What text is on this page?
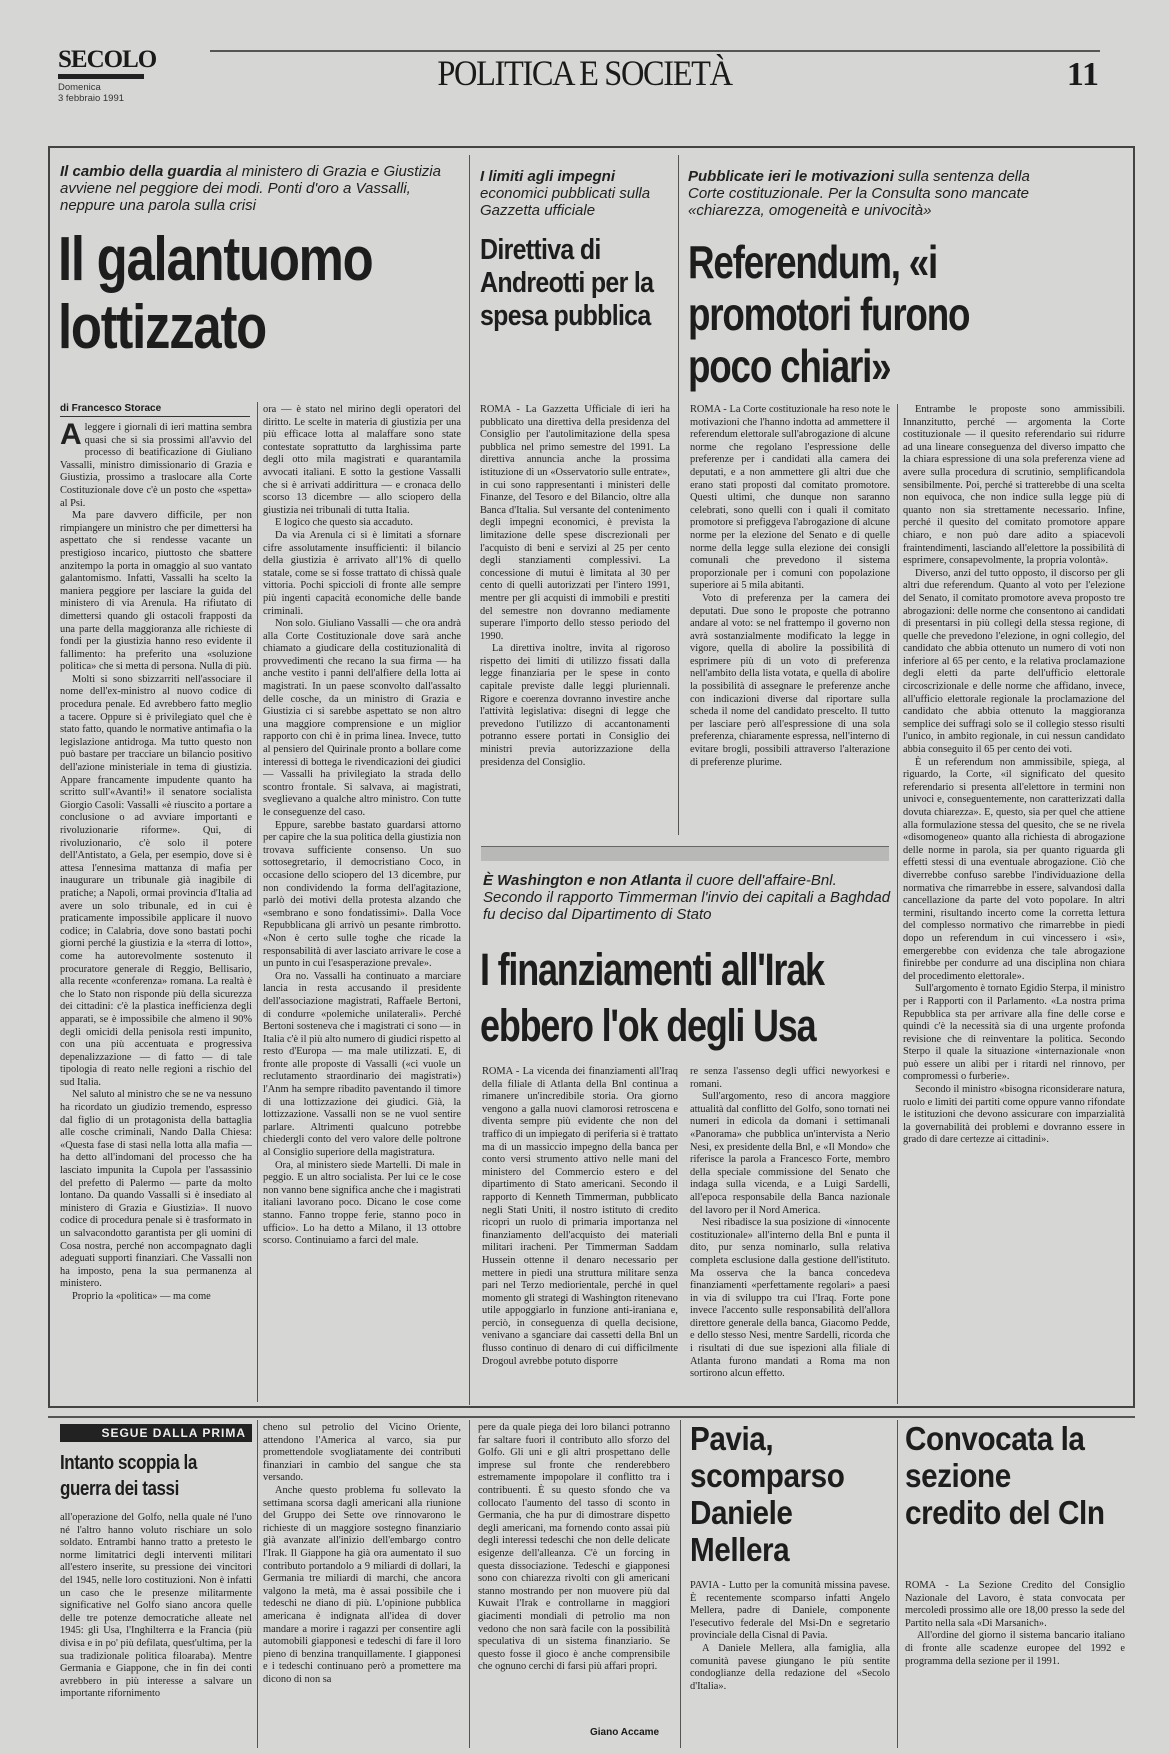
SECOLO
Domenica
3 febbraio 1991
POLITICA E SOCIETÀ	11
Il cambio della guardia al ministero di Grazia e Giustizia avviene nel peggiore dei modi. Ponti d'oro a Vassalli, neppure una parola sulla crisi
Il galantuomo lottizzato
di Francesco Storace
A leggere i giornali di ieri mattina sembra quasi che si sia prossimi all'avvio del processo di beatificazione di Giuliano Vassalli, ministro dimissionario di Grazia e Giustizia, prossimo a traslocare alla Corte Costituzionale dove c'è un posto che «spetta» al Psi.

Ma pare davvero difficile, per non rimpiangere un ministro che per dimettersi ha aspettato che si rendesse vacante un prestigioso incarico, piuttosto che sbattere anzitempo la porta in omaggio al suo vantato galantomismo. Infatti, Vassalli ha scelto la maniera peggiore per lasciare la guida del ministero di via Arenula. Ha rifiutato di dimettersi quando gli ostacoli frapposti da una parte della maggioranza alle richieste di fondi per la giustizia hanno reso evidente il fallimento: ha preferito una «soluzione politica» che si metta di persona. Nulla di più.

Molti si sono sbizzarriti nell'associare il nome dell'ex-ministro al nuovo codice di procedura penale. Ed avrebbero fatto meglio a tacere. Oppure si è privilegiato quel che è stato fatto, quando le normative antimafia o la legislazione antidroga. Ma tutto questo non può bastare per tracciare un bilancio positivo dell'azione ministeriale in tema di giustizia. Appare francamente impudente quanto ha scritto sull'«Avanti!» il senatore socialista Giorgio Casoli: Vassalli «è riuscito a portare a conclusione o ad avviare importanti e rivoluzionarie riforme». Qui, di rivoluzionario, c'è solo il potere dell'Antistato, a Gela, per esempio, dove si è attesa l'ennesima mattanza di mafia per inaugurare un tribunale già inagibile di pratiche; a Napoli, ormai provincia d'Italia ad avere un solo tribunale, ed in cui è praticamente impossibile applicare il nuovo codice; in Calabria, dove sono bastati pochi giorni perché la giustizia e la «terra di lotto», come ha autorevolmente sostenuto il procuratore generale di Reggio, Bellisario, alla recente «conferenza» romana. La realtà è che lo Stato non risponde più della sicurezza dei cittadini: c'è la plastica inefficienza degli apparati, se è impossibile che almeno il 90% degli omicidi della penisola resti impunito, con una più accentuata e progressiva depenalizzazione — di fatto — di tale tipologia di reato nelle regioni a rischio del sud Italia.

Nel saluto al ministro che se ne va nessuno ha ricordato un giudizio tremendo, espresso dal figlio di un protagonista della battaglia alle cosche criminali, Nando Dalla Chiesa: «Questa fase di stasi nella lotta alla mafia — ha detto all'indomani del processo che ha lasciato impunita la Cupola per l'assassinio del prefetto di Palermo — parte da molto lontano. Da quando Vassalli si è insediato al ministero di Grazia e Giustizia». Il nuovo codice di procedura penale si è trasformato in un salvacondotto garantista per gli uomini di Cosa nostra, perché non accompagnato dagli adeguati supporti finanziari. Che Vassalli non ha imposto, pena la sua permanenza al ministero.

Proprio la «politica» — ma come

ora — è stato nel mirino degli operatori del diritto. Le scelte in materia di giustizia per una più efficace lotta al malaffare sono state contestate soprattutto da larghissima parte degli otto mila magistrati e quarantamila avvocati italiani. E sotto la gestione Vassalli che si è arrivati addirittura — e cronaca dello scorso 13 dicembre — allo sciopero della giustizia nei tribunali di tutta Italia.

E logico che questo sia accaduto.

Da via Arenula ci si è limitati a sfornare cifre assolutamente insufficienti: il bilancio della giustizia è arrivato all'1% di quello statale, come se si fosse trattato di chissà quale vittoria. Pochi spiccioli di fronte alle sempre più ingenti capacità economiche delle bande criminali.

Non solo. Giuliano Vassalli — che ora andrà alla Corte Costituzionale dove sarà anche chiamato a giudicare della costituzionalità di provvedimenti che recano la sua firma — ha anche vestito i panni dell'alfiere della lotta ai magistrati. In un paese sconvolto dall'assalto delle cosche, da un ministro di Grazia e Giustizia ci si sarebbe aspettato se non altro una maggiore comprensione e un miglior rapporto con chi è in prima linea. Invece, tutto al pensiero del Quirinale pronto a bollare come interessi di bottega le rivendicazioni dei giudici — Vassalli ha privilegiato la strada dello scontro frontale. Si salvava, ai magistrati, sveglievano a qualche altro ministro. Con tutte le conseguenze del caso.

Eppure, sarebbe bastato guardarsi attorno per capire che la sua politica della giustizia non trovava sufficiente consenso. Un suo sottosegretario, il democristiano Coco, in occasione dello sciopero del 13 dicembre, pur non condividendo la forma dell'agitazione, parlò dei motivi della protesta alzando che «sembrano e sono fondatissimi». Dalla Voce Repubblicana gli arrivò un pesante rimbrotto. «Non è certo sulle toghe che ricade la responsabilità di aver lasciato arrivare le cose a un punto in cui l'esasperazione prevale».

Ora no. Vassalli ha continuato a marciare lancia in resta accusando il presidente dell'associazione magistrati, Raffaele Bertoni, di condurre «polemiche unilaterali». Perché Bertoni sosteneva che i magistrati ci sono — in Italia c'è il più alto numero di giudici rispetto al resto d'Europa — ma male utilizzati. E, di fronte alle proposte di Vassalli («ci vuole un reclutamento straordinario dei magistrati») l'Anm ha sempre ribadito paventando il timore di una lottizzazione dei giudici. Già, la lottizzazione. Vassalli non se ne vuol sentire parlare. Altrimenti qualcuno potrebbe chiedergli conto del vero valore delle poltrone al Consiglio superiore della magistratura.

Ora, al ministero siede Martelli. Di male in peggio. E un altro socialista. Per lui ce le cose non vanno bene significa anche che i magistrati italiani lavorano poco. Dicano le cose come stanno. Fanno troppe ferie, stanno poco in ufficio». Lo ha detto a Milano, il 13 ottobre scorso. Continuiamo a farci del male.

I limiti agli impegni economici pubblicati sulla Gazzetta ufficiale
Direttiva di Andreotti per la spesa pubblica

ROMA - La Gazzetta Ufficiale di ieri ha pubblicato una direttiva della presidenza del Consiglio per l'autolimitazione della spesa pubblica nel primo semestre del 1991. La direttiva annuncia anche la prossima istituzione di un «Osservatorio sulle entrate», in cui sono rappresentanti i ministeri delle Finanze, del Tesoro e del Bilancio, oltre alla Banca d'Italia. Sul versante del contenimento degli impegni economici, è prevista la limitazione delle spese discrezionali per l'acquisto di beni e servizi al 25 per cento degli stanziamenti complessivi. La concessione di mutui è limitata al 30 per cento di quelli autorizzati per l'intero 1991, mentre per gli acquisti di immobili e prestiti del semestre non dovranno mediamente superare l'importo dello stesso periodo del 1990.

La direttiva inoltre, invita al rigoroso rispetto dei limiti di utilizzo fissati dalla legge finanziaria per le spese in conto capitale previste dalle leggi pluriennali. Rigore e coerenza dovranno investire anche l'attività legislativa: disegni di legge che prevedono l'utilizzo di accantonamenti potranno essere portati in Consiglio dei ministri previa autorizzazione della presidenza del Consiglio.

Pubblicate ieri le motivazioni sulla sentenza della Corte costituzionale. Per la Consulta sono mancate «chiarezza, omogeneità e univocità»
Referendum, «i promotori furono poco chiari»

ROMA - La Corte costituzionale ha reso note le motivazioni che l'hanno indotta ad ammettere il referendum elettorale sull'abrogazione di alcune norme che regolano l'espressione delle preferenze per i candidati alla camera dei deputati, e a non ammettere gli altri due che erano stati proposti dal comitato promotore. Questi ultimi, che dunque non saranno celebrati, sono quelli con i quali il comitato promotore si prefiggeva l'abrogazione di alcune norme per la elezione del Senato e di quelle norme della legge sulla elezione dei consigli comunali che prevedono il sistema proporzionale per i comuni con popolazione superiore ai 5 mila abitanti.

Voto di preferenza per la camera dei deputati. Due sono le proposte che potranno andare al voto: se nel frattempo il governo non avrà sostanzialmente modificato la legge in vigore, quella di abolire la possibilità di esprimere più di un voto di preferenza nell'ambito della lista votata, e quella di abolire la possibilità di assegnare le preferenze anche con indicazioni diverse dal riportare sulla scheda il nome del candidato prescelto. Il tutto per lasciare però all'espressione di una sola preferenza, chiaramente espressa, nell'interno di evitare brogli, possibili attraverso l'alterazione di preferenze plurime.

Entrambe le proposte sono ammissibili. Innanzitutto, perché — argomenta la Corte costituzionale — il quesito referendario sui ridurre ad una lineare conseguenza del diverso impatto che la chiara espressione di una sola preferenza viene ad avere sulla procedura di scrutinio, semplificandola sensibilmente. Poi, perché si tratterebbe di una scelta non equivoca, che non indice sulla legge più di quanto non sia strettamente necessario. Infine, perché il quesito del comitato promotore appare chiaro, e non può dare adito a spiacevoli fraintendimenti, lasciando all'elettore la possibilità di esprimere, consapevolmente, la propria volontà».

Diverso, anzi del tutto opposto, il discorso per gli altri due referendum. Quanto al voto per l'elezione del Senato, il comitato promotore aveva proposto tre abrogazioni: delle norme che consentono ai candidati di presentarsi in più collegi della stessa regione, di quelle che prevedono l'elezione, in ogni collegio, del candidato che abbia ottenuto un numero di voti non inferiore al 65 per cento, e la relativa proclamazione degli eletti da parte dell'ufficio elettorale circoscrizionale e delle norme che affidano, invece, all'ufficio elettorale regionale la proclamazione del candidato che abbia ottenuto la maggioranza semplice dei suffragi solo se il collegio stesso risulti l'unico, in ambito regionale, in cui nessun candidato abbia conseguito il 65 per cento dei voti.

È un referendum non ammissibile, spiega, al riguardo, la Corte, «il significato del quesito referendario si presenta all'elettore in termini non univoci e, conseguentemente, non caratterizzati dalla dovuta chiarezza». E, questo, sia per quel che attiene alla formulazione stessa del quesito, che se ne rivela «disomogeneo» quanto alla richiesta di abrogazione delle norme in parola, sia per quanto riguarda gli effetti stessi di una eventuale abrogazione. Ciò che diverrebbe confuso sarebbe l'individuazione della normativa che rimarrebbe in essere, salvandosi dalla cancellazione da parte del voto popolare. In altri termini, risultando incerto come la corretta lettura del complesso normativo che rimarrebbe in piedi dopo un referendum in cui vincessero i «sì», emergerebbe con evidenza che tale abrogazione finirebbe per condurre ad una disciplina non chiara del procedimento elettorale».

Sull'argomento è tornato Egidio Sterpa, il ministro per i Rapporti con il Parlamento. «La nostra prima Repubblica sta per arrivare alla fine delle corse e quindi c'è la necessità sia di una urgente profonda revisione che di reinventare la politica. Secondo Sterpo il quale la situazione «internazionale «non può essere un alibi per i ritardi nel rinnovo, per compromessi o furberie».

Secondo il ministro «bisogna riconsiderare natura, ruolo e limiti dei partiti come oppure vanno rifondate le istituzioni che devono assicurare con imparzialità la governabilità dei problemi e dovranno essere in grado di dare certezze ai cittadini».

È Washington e non Atlanta il cuore dell'affaire-Bnl. Secondo il rapporto Timmerman l'invio dei capitali a Baghdad fu deciso dal Dipartimento di Stato
I finanziamenti all'Irak ebbero l'ok degli Usa

ROMA - La vicenda dei finanziamenti all'Iraq della filiale di Atlanta della Bnl continua a rimanere un'incredibile storia. Ora giorno vengono a galla nuovi clamorosi retroscena e diventa sempre più evidente che non del traffico di un impiegato di periferia si è trattato ma di un massiccio impegno della banca per conto versi strumento attivo nelle mani del ministero del Commercio estero e del dipartimento di Stato americani. Secondo il rapporto di Kenneth Timmerman, pubblicato negli Stati Uniti, il nostro istituto di credito ricopri un ruolo di primaria importanza nel finanziamento dell'acquisto dei materiali militari iracheni. Per Timmerman Saddam Hussein ottenne il denaro necessario per mettere in piedi una struttura militare senza pari nel Terzo mediorientale, perché in quel momento gli strategi di Washington ritenevano utile appoggiarlo in funzione anti-iraniana e, perciò, in conseguenza di quella decisione, venivano a sganciare dai cassetti della Bnl un flusso continuo di denaro di cui difficilmente Drogoul avrebbe potuto disporre

re senza l'assenso degli uffici newyorkesi e romani.

Sull'argomento, reso di ancora maggiore attualità dal conflitto del Golfo, sono tornati nei numeri in edicola da domani i settimanali «Panorama» che pubblica un'intervista a Nerio Nesi, ex presidente della Bnl, e «Il Mondo» che riferisce la parola a Francesco Forte, membro della speciale commissione del Senato che indaga sulla vicenda, e a Luigi Sardelli, all'epoca responsabile della Banca nazionale del lavoro per il Nord America.

Nesi ribadisce la sua posizione di «innocente costituzionale» all'interno della Bnl e punta il dito, pur senza nominarlo, sulla relativa completa esclusione dalla gestione dell'istituto. Ma osserva che la banca concedeva finanziamenti «perfettamente regolari» a paesi in via di sviluppo tra cui l'Iraq. Forte pone invece l'accento sulle responsabilità dell'allora direttore generale della banca, Giacomo Pedde, e dello stesso Nesi, mentre Sardelli, ricorda che i risultati di due sue ispezioni alla filiale di Atlanta furono mandati a Roma ma non sortirono alcun effetto.

SEGUE DALLA PRIMA
Intanto scoppia la guerra dei tassi

all'operazione del Golfo, nella quale né l'uno né l'altro hanno voluto rischiare un solo soldato. Entrambi hanno tratto a pretesto le norme limitatrici degli interventi militari all'estero inserite, su pressione dei vincitori del 1945, nelle loro costituzioni. Non è infatti un caso che le presenze militarmente significative nel Golfo siano ancora quelle delle tre potenze democratiche alleate nel 1945: gli Usa, l'Inghilterra e la Francia (più divisa e in po' più defilata, quest'ultima, per la sua tradizionale politica filoaraba). Mentre Germania e Giappone, che in fin dei conti avrebbero in più interesse a salvare un importante rifornimento

cheno sul petrolio del Vicino Oriente, attendono l'America al varco, sia pur promettendole svogliatamente dei contributi finanziari in cambio del sangue che sta versando.

Anche questo problema fu sollevato la settimana scorsa dagli americani alla riunione del Gruppo dei Sette ove rinnovarono le richieste di un maggiore sostegno finanziario già avanzate all'inizio dell'embargo contro l'Irak. Il Giappone ha già ora aumentato il suo contributo portandolo a 9 miliardi di dollari, la Germania tre miliardi di marchi, che ancora valgono la metà, ma è assai possibile che i tedeschi ne diano di più. L'opinione pubblica americana è indignata all'idea di dover mandare a morire i ragazzi per consentire agli automobili giapponesi e tedeschi di fare il loro pieno di benzina tranquillamente. I giapponesi e i tedeschi continuano però a promettere ma dicono di non sa

pere da quale piega dei loro bilanci potranno far saltare fuori il contributo allo sforzo del Golfo. Gli uni e gli altri prospettano delle imprese sul fronte che renderebbero estremamente impopolare il conflitto tra i contribuenti. È su questo sfondo che va collocato l'aumento del tasso di sconto in Germania, che ha pur di dimostrare dispetto degli americani, ma fornendo conto assai più degli interessi tedeschi che non delle delicate esigenze dell'alleanza. C'è un forcing in questa dissociazione. Tedeschi e giapponesi sono con chiarezza rivolti con gli americani stanno mostrando per non muovere più dal Kuwait l'Irak e controllarne in maggiori giacimenti mondiali di petrolio ma non vedono che non sarà facile con la possibilità speculativa di un sistema finanziario. Se questo fosse il gioco è anche comprensibile che ognuno cerchi di farsi più affari propri.

Giano Accame
Pavia, scomparso Daniele Mellera

PAVIA - Lutto per la comunità missina pavese. È recentemente scomparso infatti Angelo Mellera, padre di Daniele, componente l'esecutivo federale del Msi-Dn e segretario provinciale della Cisnal di Pavia.

A Daniele Mellera, alla famiglia, alla comunità pavese giungano le più sentite condoglianze della redazione del «Secolo d'Italia».

Convocata la sezione credito del Cln

ROMA - La Sezione Credito del Consiglio Nazionale del Lavoro, è stata convocata per mercoledì prossimo alle ore 18,00 presso la sede del Partito nella sala «Di Marsanich».

All'ordine del giorno il sistema bancario italiano di fronte alle scadenze europee del 1992 e programma della sezione per il 1991.
